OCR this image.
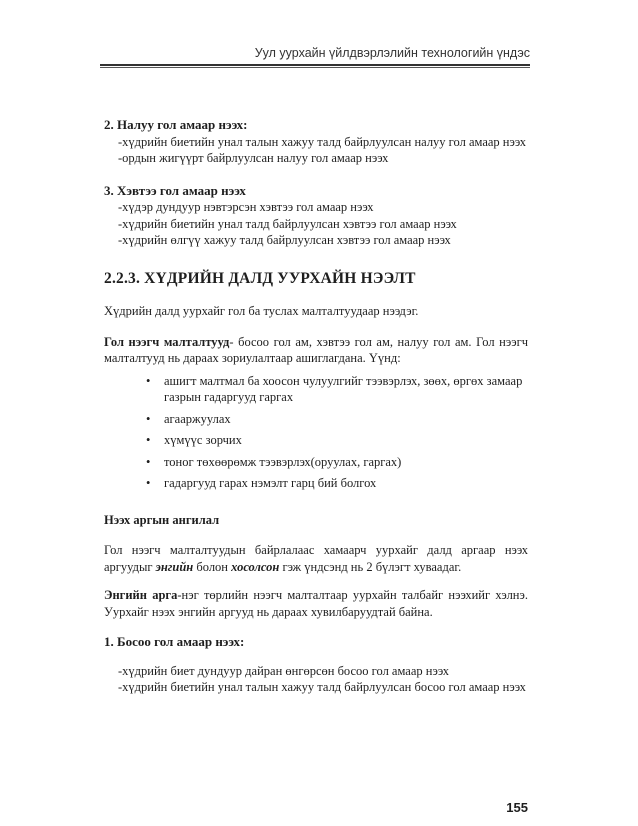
Уул уурхайн үйлдвэрлэлийн технологийн үндэс

2. Налуу гол амаар нээх:

-хүдрийн биетийн унал талын хажуу талд байрлуулсан налуу гол амаар нээх

-ордын жигүүрт байрлуулсан налуу гол амаар нээх

3. Хэвтээ гол амаар нээх

-хүдэр дундуур нэвтэрсэн хэвтээ гол амаар нээх

-хүдрийн биетийн унал талд байрлуулсан хэвтээ гол амаар нээх

-хүдрийн өлгүү хажуу талд байрлуулсан хэвтээ гол амаар нээх

2.2.3. ХҮДРИЙН ДАЛД УУРХАЙН НЭЭЛТ

Хүдрийн далд уурхайг гол ба туслах малталтуудаар нээдэг.

Гол нээгч малталтууд- босоо гол ам, хэвтээ гол ам, налуу гол ам. Гол нээгч малталтууд нь дараах зориулалтаар ашиглагдана. Үүнд:

• ашигт малтмал ба хоосон чулуулгийг тээвэрлэх, зөөх, өргөх замаар газрын гадаргууд гаргах
• агааржуулах
• хүмүүс зорчих
• тоног төхөөрөмж тээвэрлэх(оруулах, гаргах)
• гадаргууд гарах нэмэлт гарц бий болгох

Нээх аргын ангилал

Гол нээгч малталтуудын байрлалаас хамаарч уурхайг далд аргаар нээх аргуудыг энгийн болон хосолсон гэж үндсэнд нь 2 бүлэгт хуваадаг.

Энгийн арга-нэг төрлийн нээгч малталтаар уурхайн талбайг нээхийг хэлнэ. Уурхайг нээх энгийн аргууд нь дараах хувилбаруудтай байна.

1. Босоо гол амаар нээх:

-хүдрийн биет дундуур дайран өнгөрсөн босоо гол амаар нээх

-хүдрийн биетийн унал талын хажуу талд байрлуулсан босоо гол амаар нээх

155
